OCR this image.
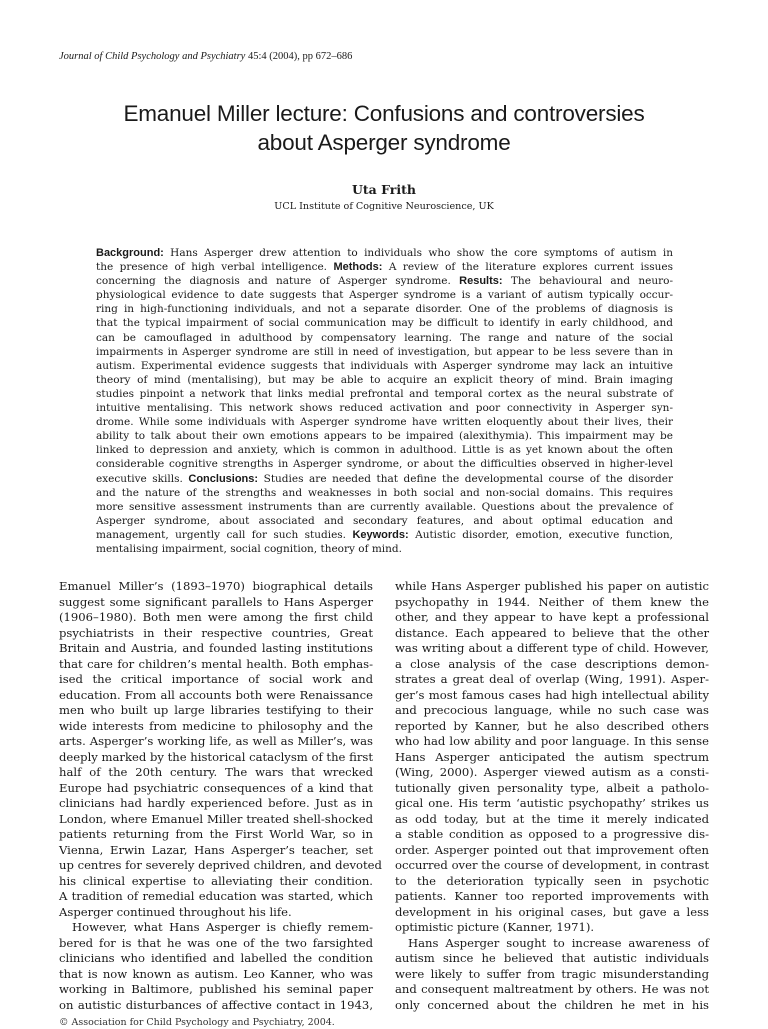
Journal of Child Psychology and Psychiatry 45:4 (2004), pp 672–686
Emanuel Miller lecture: Confusions and controversies
about Asperger syndrome
Uta Frith
UCL Institute of Cognitive Neuroscience, UK
Background: Hans Asperger drew attention to individuals who show the core symptoms of autism in
the presence of high verbal intelligence. Methods: A review of the literature explores current issues
concerning the diagnosis and nature of Asperger syndrome. Results: The behavioural and neuro-
physiological evidence to date suggests that Asperger syndrome is a variant of autism typically occur-
ring in high-functioning individuals, and not a separate disorder. One of the problems of diagnosis is
that the typical impairment of social communication may be difficult to identify in early childhood, and
can be camouflaged in adulthood by compensatory learning. The range and nature of the social
impairments in Asperger syndrome are still in need of investigation, but appear to be less severe than in
autism. Experimental evidence suggests that individuals with Asperger syndrome may lack an intuitive
theory of mind (mentalising), but may be able to acquire an explicit theory of mind. Brain imaging
studies pinpoint a network that links medial prefrontal and temporal cortex as the neural substrate of
intuitive mentalising. This network shows reduced activation and poor connectivity in Asperger syn-
drome. While some individuals with Asperger syndrome have written eloquently about their lives, their
ability to talk about their own emotions appears to be impaired (alexithymia). This impairment may be
linked to depression and anxiety, which is common in adulthood. Little is as yet known about the often
considerable cognitive strengths in Asperger syndrome, or about the difficulties observed in higher-level
executive skills. Conclusions: Studies are needed that define the developmental course of the disorder
and the nature of the strengths and weaknesses in both social and non-social domains. This requires
more sensitive assessment instruments than are currently available. Questions about the prevalence of
Asperger syndrome, about associated and secondary features, and about optimal education and
management, urgently call for such studies. Keywords: Autistic disorder, emotion, executive function,
mentalising impairment, social cognition, theory of mind.
Emanuel Miller’s (1893–1970) biographical details
suggest some significant parallels to Hans Asperger
(1906–1980). Both men were among the first child
psychiatrists in their respective countries, Great
Britain and Austria, and founded lasting institutions
that care for children’s mental health. Both emphas-
ised the critical importance of social work and
education. From all accounts both were Renaissance
men who built up large libraries testifying to their
wide interests from medicine to philosophy and the
arts. Asperger’s working life, as well as Miller’s, was
deeply marked by the historical cataclysm of the first
half of the 20th century. The wars that wrecked
Europe had psychiatric consequences of a kind that
clinicians had hardly experienced before. Just as in
London, where Emanuel Miller treated shell-shocked
patients returning from the First World War, so in
Vienna, Erwin Lazar, Hans Asperger’s teacher, set
up centres for severely deprived children, and devoted
his clinical expertise to alleviating their condition.
A tradition of remedial education was started, which
Asperger continued throughout his life.
However, what Hans Asperger is chiefly remem-
bered for is that he was one of the two farsighted
clinicians who identified and labelled the condition
that is now known as autism. Leo Kanner, who was
working in Baltimore, published his seminal paper
on autistic disturbances of affective contact in 1943,
while Hans Asperger published his paper on autistic
psychopathy in 1944. Neither of them knew the
other, and they appear to have kept a professional
distance. Each appeared to believe that the other
was writing about a different type of child. However,
a close analysis of the case descriptions demon-
strates a great deal of overlap (Wing, 1991). Asper-
ger’s most famous cases had high intellectual ability
and precocious language, while no such case was
reported by Kanner, but he also described others
who had low ability and poor language. In this sense
Hans Asperger anticipated the autism spectrum
(Wing, 2000). Asperger viewed autism as a consti-
tutionally given personality type, albeit a patholo-
gical one. His term ‘autistic psychopathy’ strikes us
as odd today, but at the time it merely indicated
a stable condition as opposed to a progressive dis-
order. Asperger pointed out that improvement often
occurred over the course of development, in contrast
to the deterioration typically seen in psychotic
patients. Kanner too reported improvements with
development in his original cases, but gave a less
optimistic picture (Kanner, 1971).
Hans Asperger sought to increase awareness of
autism since he believed that autistic individuals
were likely to suffer from tragic misunderstanding
and consequent maltreatment by others. He was not
only concerned about the children he met in his
© Association for Child Psychology and Psychiatry, 2004.
